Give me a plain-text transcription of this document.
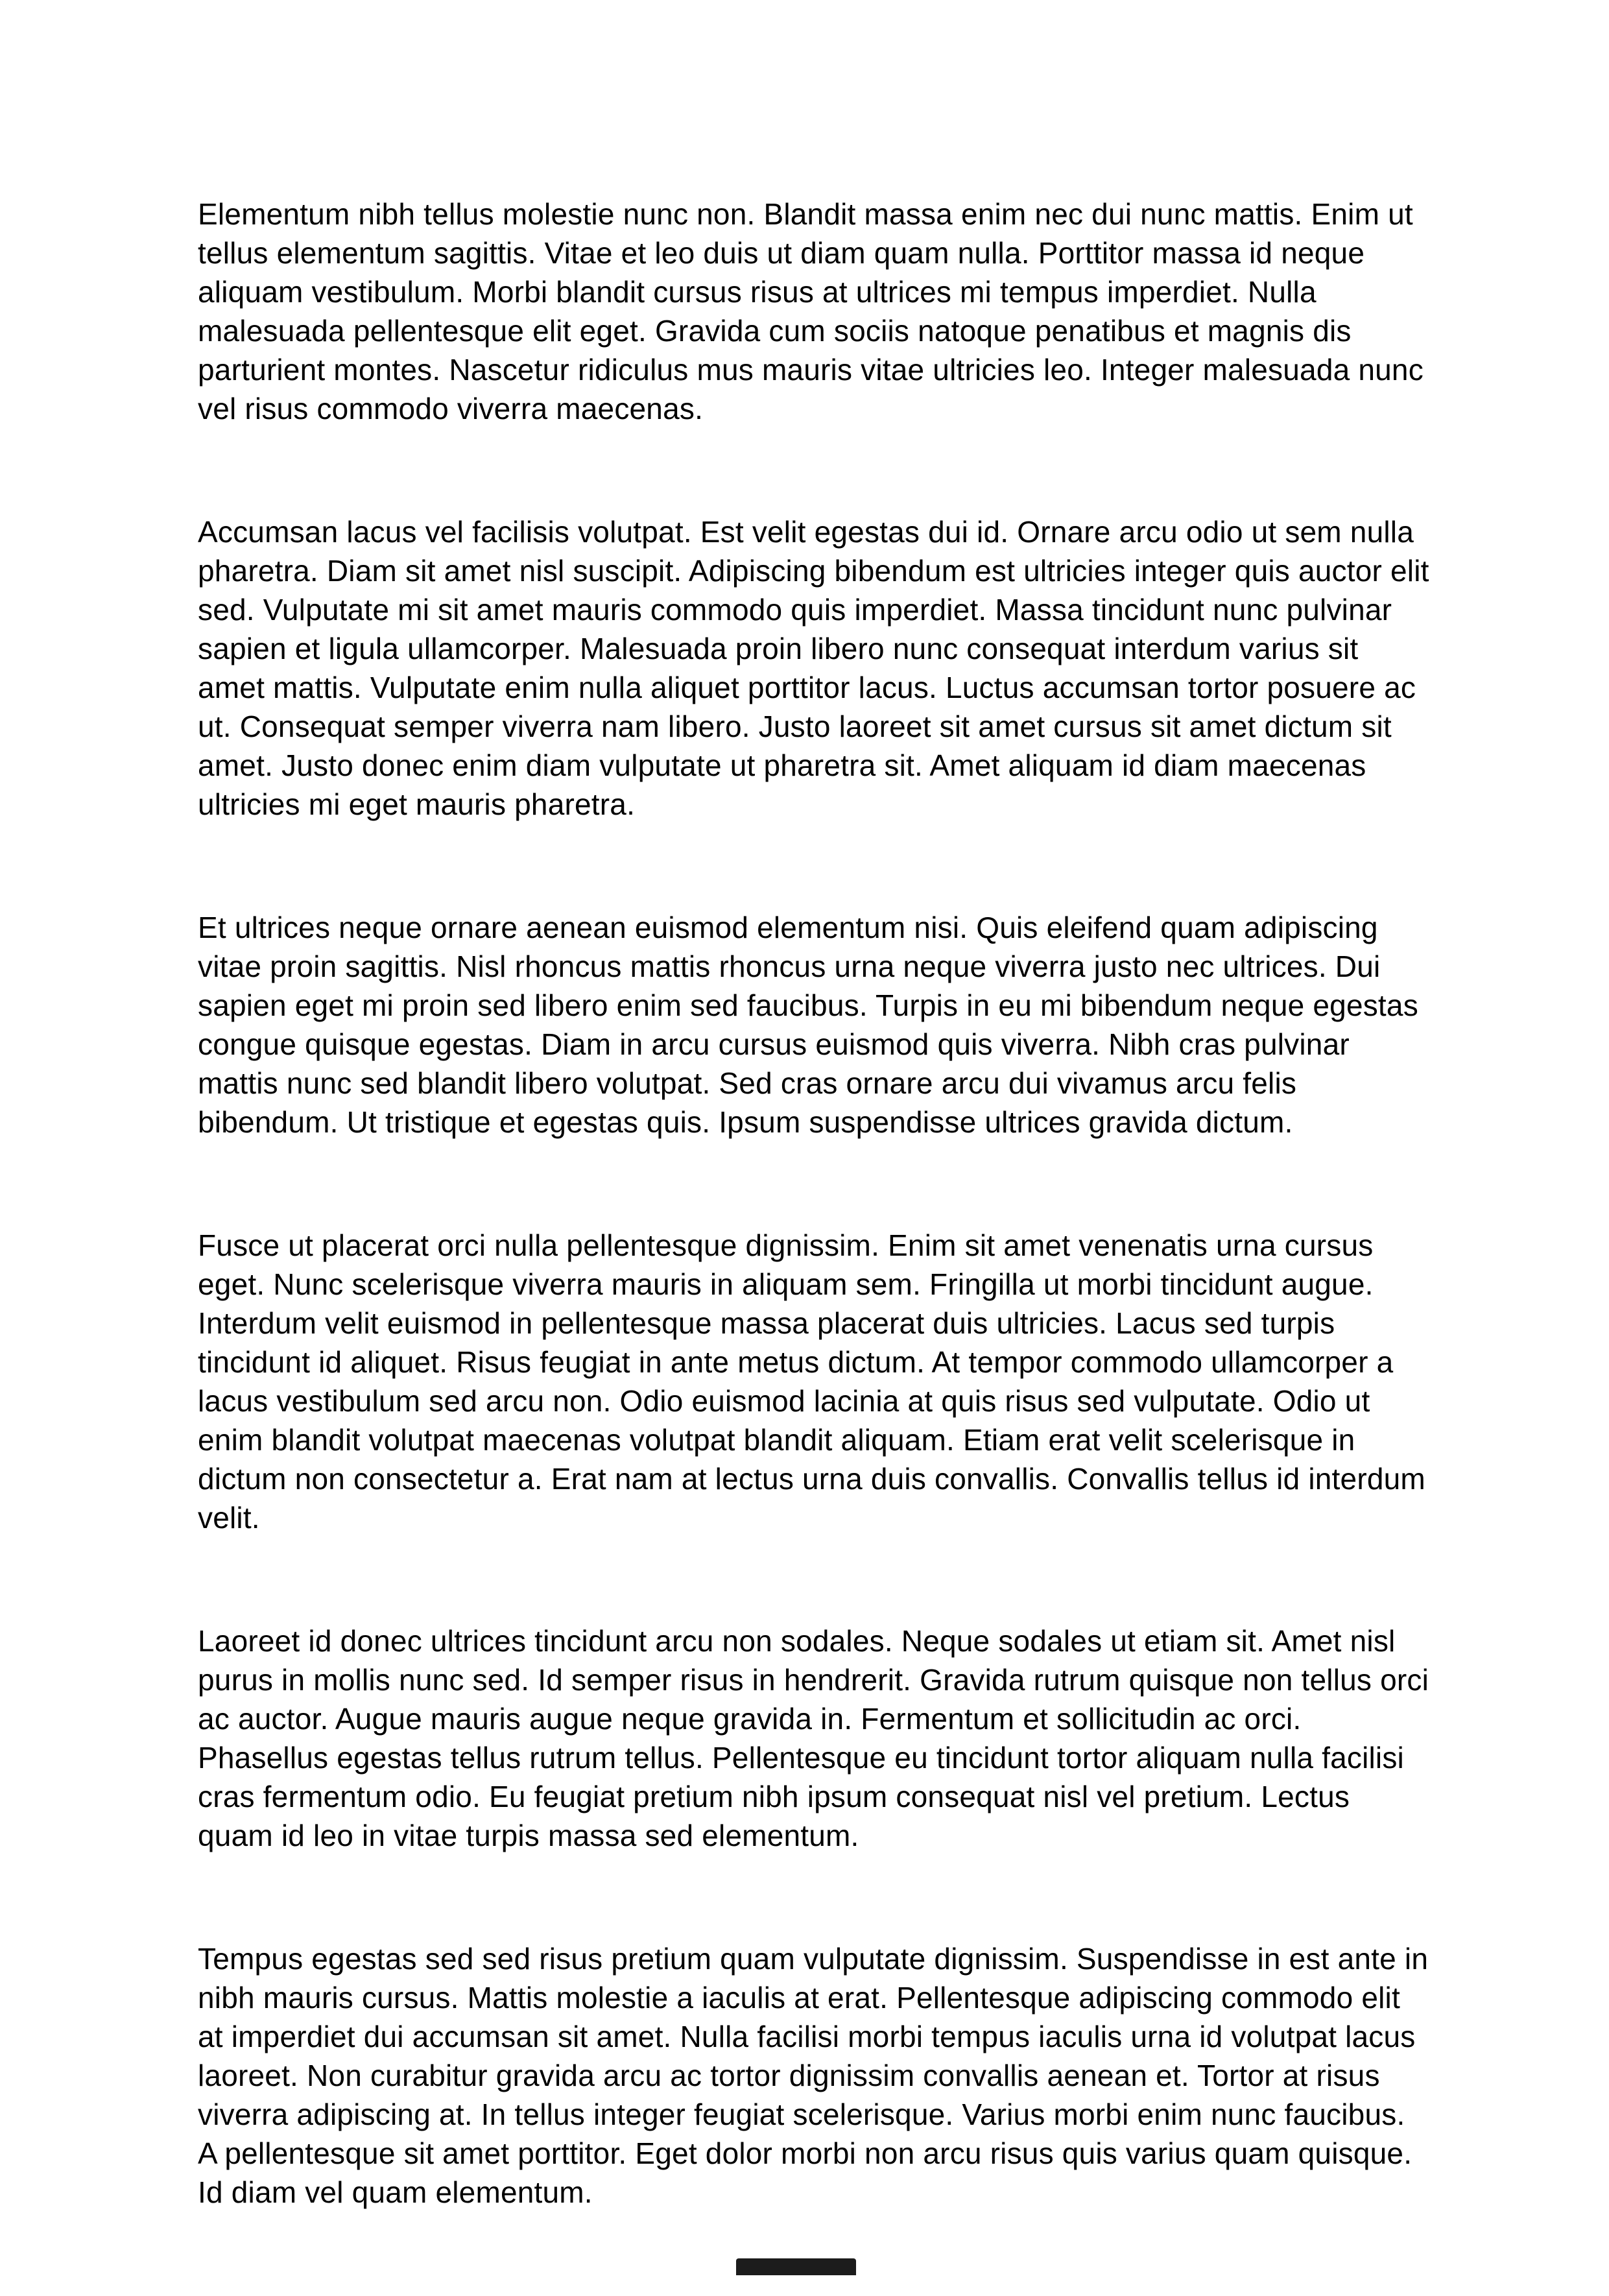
Elementum nibh tellus molestie nunc non. Blandit massa enim nec dui nunc mattis. Enim ut tellus elementum sagittis. Vitae et leo duis ut diam quam nulla. Porttitor massa id neque aliquam vestibulum. Morbi blandit cursus risus at ultrices mi tempus imperdiet. Nulla malesuada pellentesque elit eget. Gravida cum sociis natoque penatibus et magnis dis parturient montes. Nascetur ridiculus mus mauris vitae ultricies leo. Integer malesuada nunc vel risus commodo viverra maecenas.

Accumsan lacus vel facilisis volutpat. Est velit egestas dui id. Ornare arcu odio ut sem nulla pharetra. Diam sit amet nisl suscipit. Adipiscing bibendum est ultricies integer quis auctor elit sed. Vulputate mi sit amet mauris commodo quis imperdiet. Massa tincidunt nunc pulvinar sapien et ligula ullamcorper. Malesuada proin libero nunc consequat interdum varius sit amet mattis. Vulputate enim nulla aliquet porttitor lacus. Luctus accumsan tortor posuere ac ut. Consequat semper viverra nam libero. Justo laoreet sit amet cursus sit amet dictum sit amet. Justo donec enim diam vulputate ut pharetra sit. Amet aliquam id diam maecenas ultricies mi eget mauris pharetra.

Et ultrices neque ornare aenean euismod elementum nisi. Quis eleifend quam adipiscing vitae proin sagittis. Nisl rhoncus mattis rhoncus urna neque viverra justo nec ultrices. Dui sapien eget mi proin sed libero enim sed faucibus. Turpis in eu mi bibendum neque egestas congue quisque egestas. Diam in arcu cursus euismod quis viverra. Nibh cras pulvinar mattis nunc sed blandit libero volutpat. Sed cras ornare arcu dui vivamus arcu felis bibendum. Ut tristique et egestas quis. Ipsum suspendisse ultrices gravida dictum.

Fusce ut placerat orci nulla pellentesque dignissim. Enim sit amet venenatis urna cursus eget. Nunc scelerisque viverra mauris in aliquam sem. Fringilla ut morbi tincidunt augue. Interdum velit euismod in pellentesque massa placerat duis ultricies. Lacus sed turpis tincidunt id aliquet. Risus feugiat in ante metus dictum. At tempor commodo ullamcorper a lacus vestibulum sed arcu non. Odio euismod lacinia at quis risus sed vulputate. Odio ut enim blandit volutpat maecenas volutpat blandit aliquam. Etiam erat velit scelerisque in dictum non consectetur a. Erat nam at lectus urna duis convallis. Convallis tellus id interdum velit.

Laoreet id donec ultrices tincidunt arcu non sodales. Neque sodales ut etiam sit. Amet nisl purus in mollis nunc sed. Id semper risus in hendrerit. Gravida rutrum quisque non tellus orci ac auctor. Augue mauris augue neque gravida in. Fermentum et sollicitudin ac orci. Phasellus egestas tellus rutrum tellus. Pellentesque eu tincidunt tortor aliquam nulla facilisi cras fermentum odio. Eu feugiat pretium nibh ipsum consequat nisl vel pretium. Lectus quam id leo in vitae turpis massa sed elementum.

Tempus egestas sed sed risus pretium quam vulputate dignissim. Suspendisse in est ante in nibh mauris cursus. Mattis molestie a iaculis at erat. Pellentesque adipiscing commodo elit at imperdiet dui accumsan sit amet. Nulla facilisi morbi tempus iaculis urna id volutpat lacus laoreet. Non curabitur gravida arcu ac tortor dignissim convallis aenean et. Tortor at risus viverra adipiscing at. In tellus integer feugiat scelerisque. Varius morbi enim nunc faucibus. A pellentesque sit amet porttitor. Eget dolor morbi non arcu risus quis varius quam quisque. Id diam vel quam elementum.
